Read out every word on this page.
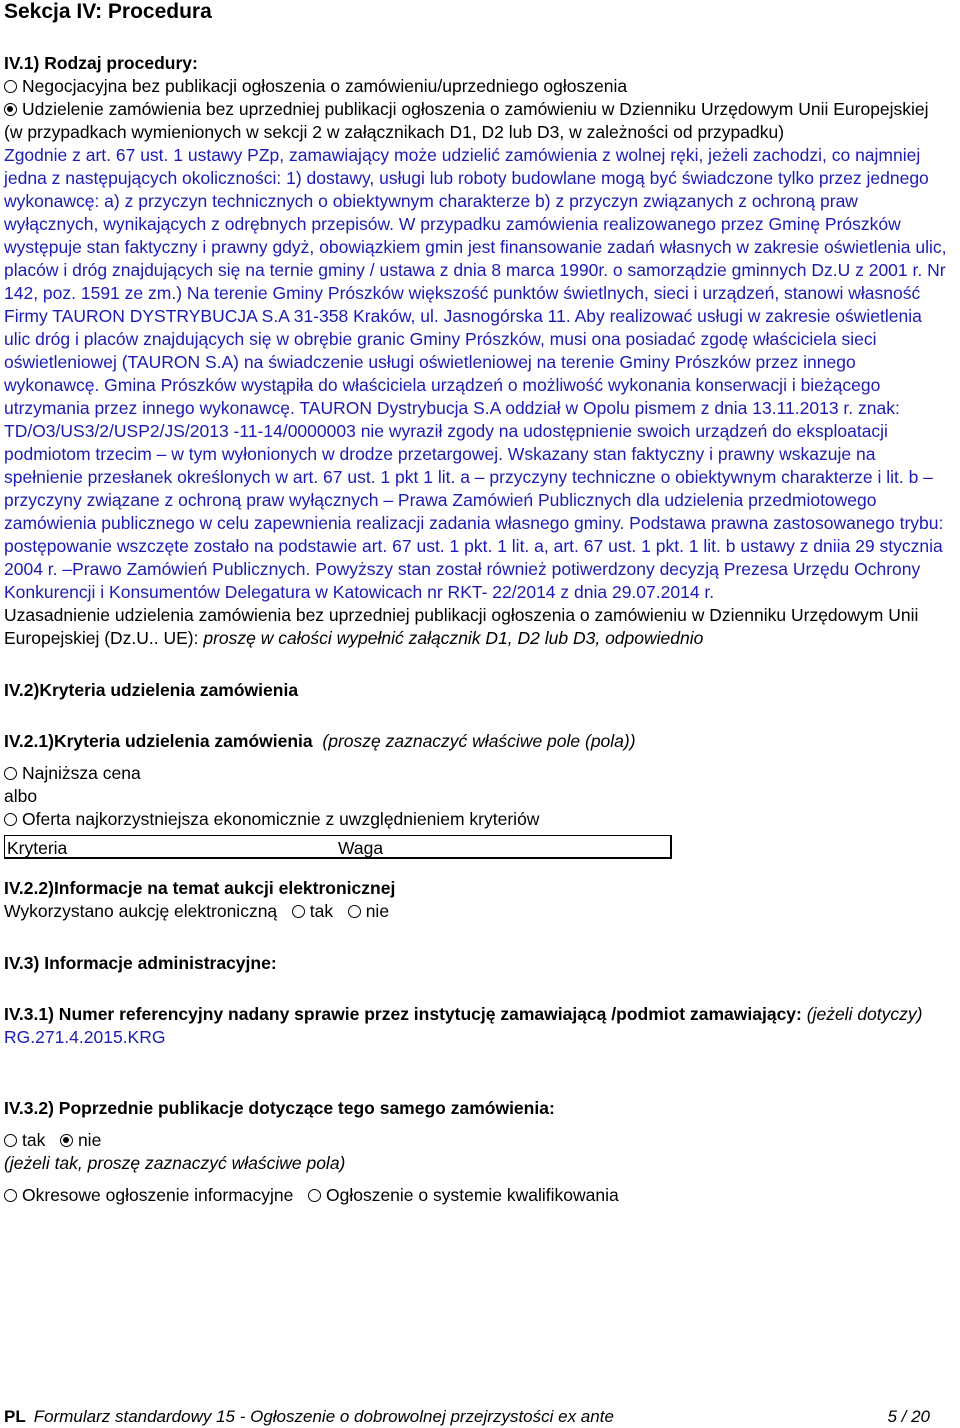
Sekcja IV: Procedura
IV.1) Rodzaj procedury:
Negocjacyjna bez publikacji ogłoszenia o zamówieniu/uprzedniego ogłoszenia
Udzielenie zamówienia bez uprzedniej publikacji ogłoszenia o zamówieniu w Dzienniku Urzędowym Unii Europejskiej (w przypadkach wymienionych w sekcji 2 w załącznikach D1, D2 lub D3, w zależności od przypadku)
Zgodnie z art. 67 ust. 1 ustawy PZp, zamawiający może udzielić zamówienia z wolnej ręki, jeżeli zachodzi, co najmniej jedna z następujących okoliczności: 1) dostawy, usługi lub roboty budowlane mogą być świadczone tylko przez jednego wykonawcę: a) z przyczyn technicznych o obiektywnym charakterze b) z przyczyn związanych z ochroną praw wyłącznych, wynikających z odrębnych przepisów. W przypadku zamówienia realizowanego przez Gminę Prószków występuje stan faktyczny i prawny gdyż, obowiązkiem gmin jest finansowanie zadań własnych w zakresie oświetlenia ulic, placów i dróg znajdujących się na ternie gminy / ustawa z dnia 8 marca 1990r. o samorządzie gminnych Dz.U z 2001 r. Nr 142, poz. 1591 ze zm.) Na terenie Gminy Prószków większość punktów świetlnych, sieci i urządzeń, stanowi własność Firmy TAURON DYSTRYBUCJA S.A 31-358 Kraków, ul. Jasnogórska 11. Aby realizować usługi w zakresie oświetlenia ulic dróg i placów znajdujących się w obrębie granic Gminy Prószków, musi ona posiadać zgodę właściciela sieci oświetleniowej (TAURON S.A) na świadczenie usługi oświetleniowej na terenie Gminy Prószków przez innego wykonawcę. Gmina Prószków wystąpiła do właściciela urządzeń o możliwość wykonania konserwacji i bieżącego utrzymania przez innego wykonawcę. TAURON Dystrybucja S.A oddział w Opolu pismem z dnia 13.11.2013 r. znak: TD/O3/US3/2/USP2/JS/2013 -11-14/0000003 nie wyraził zgody na udostępnienie swoich urządzeń do eksploatacji podmiotom trzecim – w tym wyłonionych w drodze przetargowej. Wskazany stan faktyczny i prawny wskazuje na spełnienie przesłanek określonych w art. 67 ust. 1 pkt 1 lit. a – przyczyny techniczne o obiektywnym charakterze i lit. b – przyczyny związane z ochroną praw wyłącznych – Prawa Zamówień Publicznych dla udzielenia przedmiotowego zamówienia publicznego w celu zapewnienia realizacji zadania własnego gminy. Podstawa prawna zastosowanego trybu: postępowanie wszczęte zostało na podstawie art. 67 ust. 1 pkt. 1 lit. a, art. 67 ust. 1 pkt. 1 lit. b ustawy z dniia 29 stycznia 2004 r. –Prawo Zamówień Publicznych. Powyższy stan został również potiwerdzony decyzją Prezesa Urzędu Ochrony Konkurencji i Konsumentów Delegatura w Katowicach nr RKT- 22/2014 z dnia 29.07.2014 r.
Uzasadnienie udzielenia zamówienia bez uprzedniej publikacji ogłoszenia o zamówieniu w Dzienniku Urzędowym Unii Europejskiej (Dz.U.. UE): proszę w całości wypełnić załącznik D1, D2 lub D3, odpowiednio
IV.2)Kryteria udzielenia zamówienia
IV.2.1)Kryteria udzielenia zamówienia (proszę zaznaczyć właściwe pole (pola))
Najniższa cena
albo
Oferta najkorzystniejsza ekonomicznie z uwzględnieniem kryteriów
Kryteria	Waga
IV.2.2)Informacje na temat aukcji elektronicznej
Wykorzystano aukcję elektroniczną tak nie
IV.3) Informacje administracyjne:
IV.3.1) Numer referencyjny nadany sprawie przez instytucję zamawiającą /podmiot zamawiający: (jeżeli dotyczy)
RG.271.4.2015.KRG
IV.3.2) Poprzednie publikacje dotyczące tego samego zamówienia:
tak nie
(jeżeli tak, proszę zaznaczyć właściwe pola)
Okresowe ogłoszenie informacyjne Ogłoszenie o systemie kwalifikowania
PL Formularz standardowy 15 - Ogłoszenie o dobrowolnej przejrzystości ex ante	5 / 20
